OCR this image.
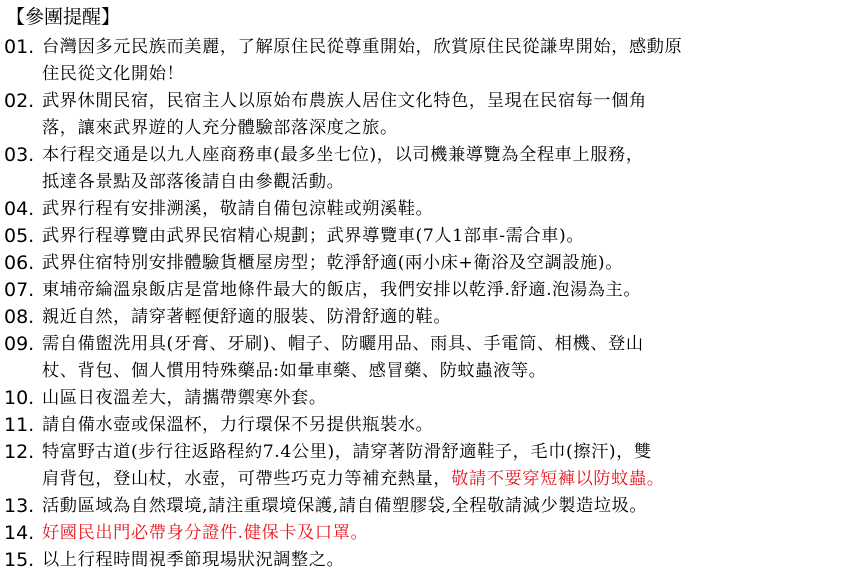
【參團提醒】
01. 台灣因多元民族而美麗，了解原住民從尊重開始，欣賞原住民從謙卑開始，感動原
住民從文化開始！
02. 武界休閒民宿，民宿主人以原始布農族人居住文化特色，呈現在民宿每一個角
落，讓來武界遊的人充分體驗部落深度之旅。
03. 本行程交通是以九人座商務車(最多坐七位)，以司機兼導覽為全程車上服務，
抵達各景點及部落後請自由參觀活動。
04. 武界行程有安排溯溪，敬請自備包涼鞋或朔溪鞋。
05. 武界行程導覽由武界民宿精心規劃；武界導覽車(7人1部車-需合車)。
06. 武界住宿特別安排體驗貨櫃屋房型；乾淨舒適(兩小床+衛浴及空調設施)。
07. 東埔帝綸溫泉飯店是當地條件最大的飯店，我們安排以乾淨.舒適.泡湯為主。
08. 親近自然，請穿著輕便舒適的服裝、防滑舒適的鞋。
09. 需自備盥洗用具(牙膏、牙刷)、帽子、防曬用品、雨具、手電筒、相機、登山
杖、背包、個人慣用特殊藥品:如暈車藥、感冒藥、防蚊蟲液等。
10. 山區日夜溫差大，請攜帶禦寒外套。
11. 請自備水壺或保溫杯，力行環保不另提供瓶裝水。
12. 特富野古道(步行往返路程約7.4公里)，請穿著防滑舒適鞋子，毛巾(擦汗)，雙
肩背包，登山杖，水壺，可帶些巧克力等補充熱量，敬請不要穿短褲以防蚊蟲。
13. 活動區域為自然環境,請注重環境保護,請自備塑膠袋,全程敬請減少製造垃圾。
14. 好國民出門必帶身分證件.健保卡及口罩。
15. 以上行程時間視季節現場狀況調整之。
